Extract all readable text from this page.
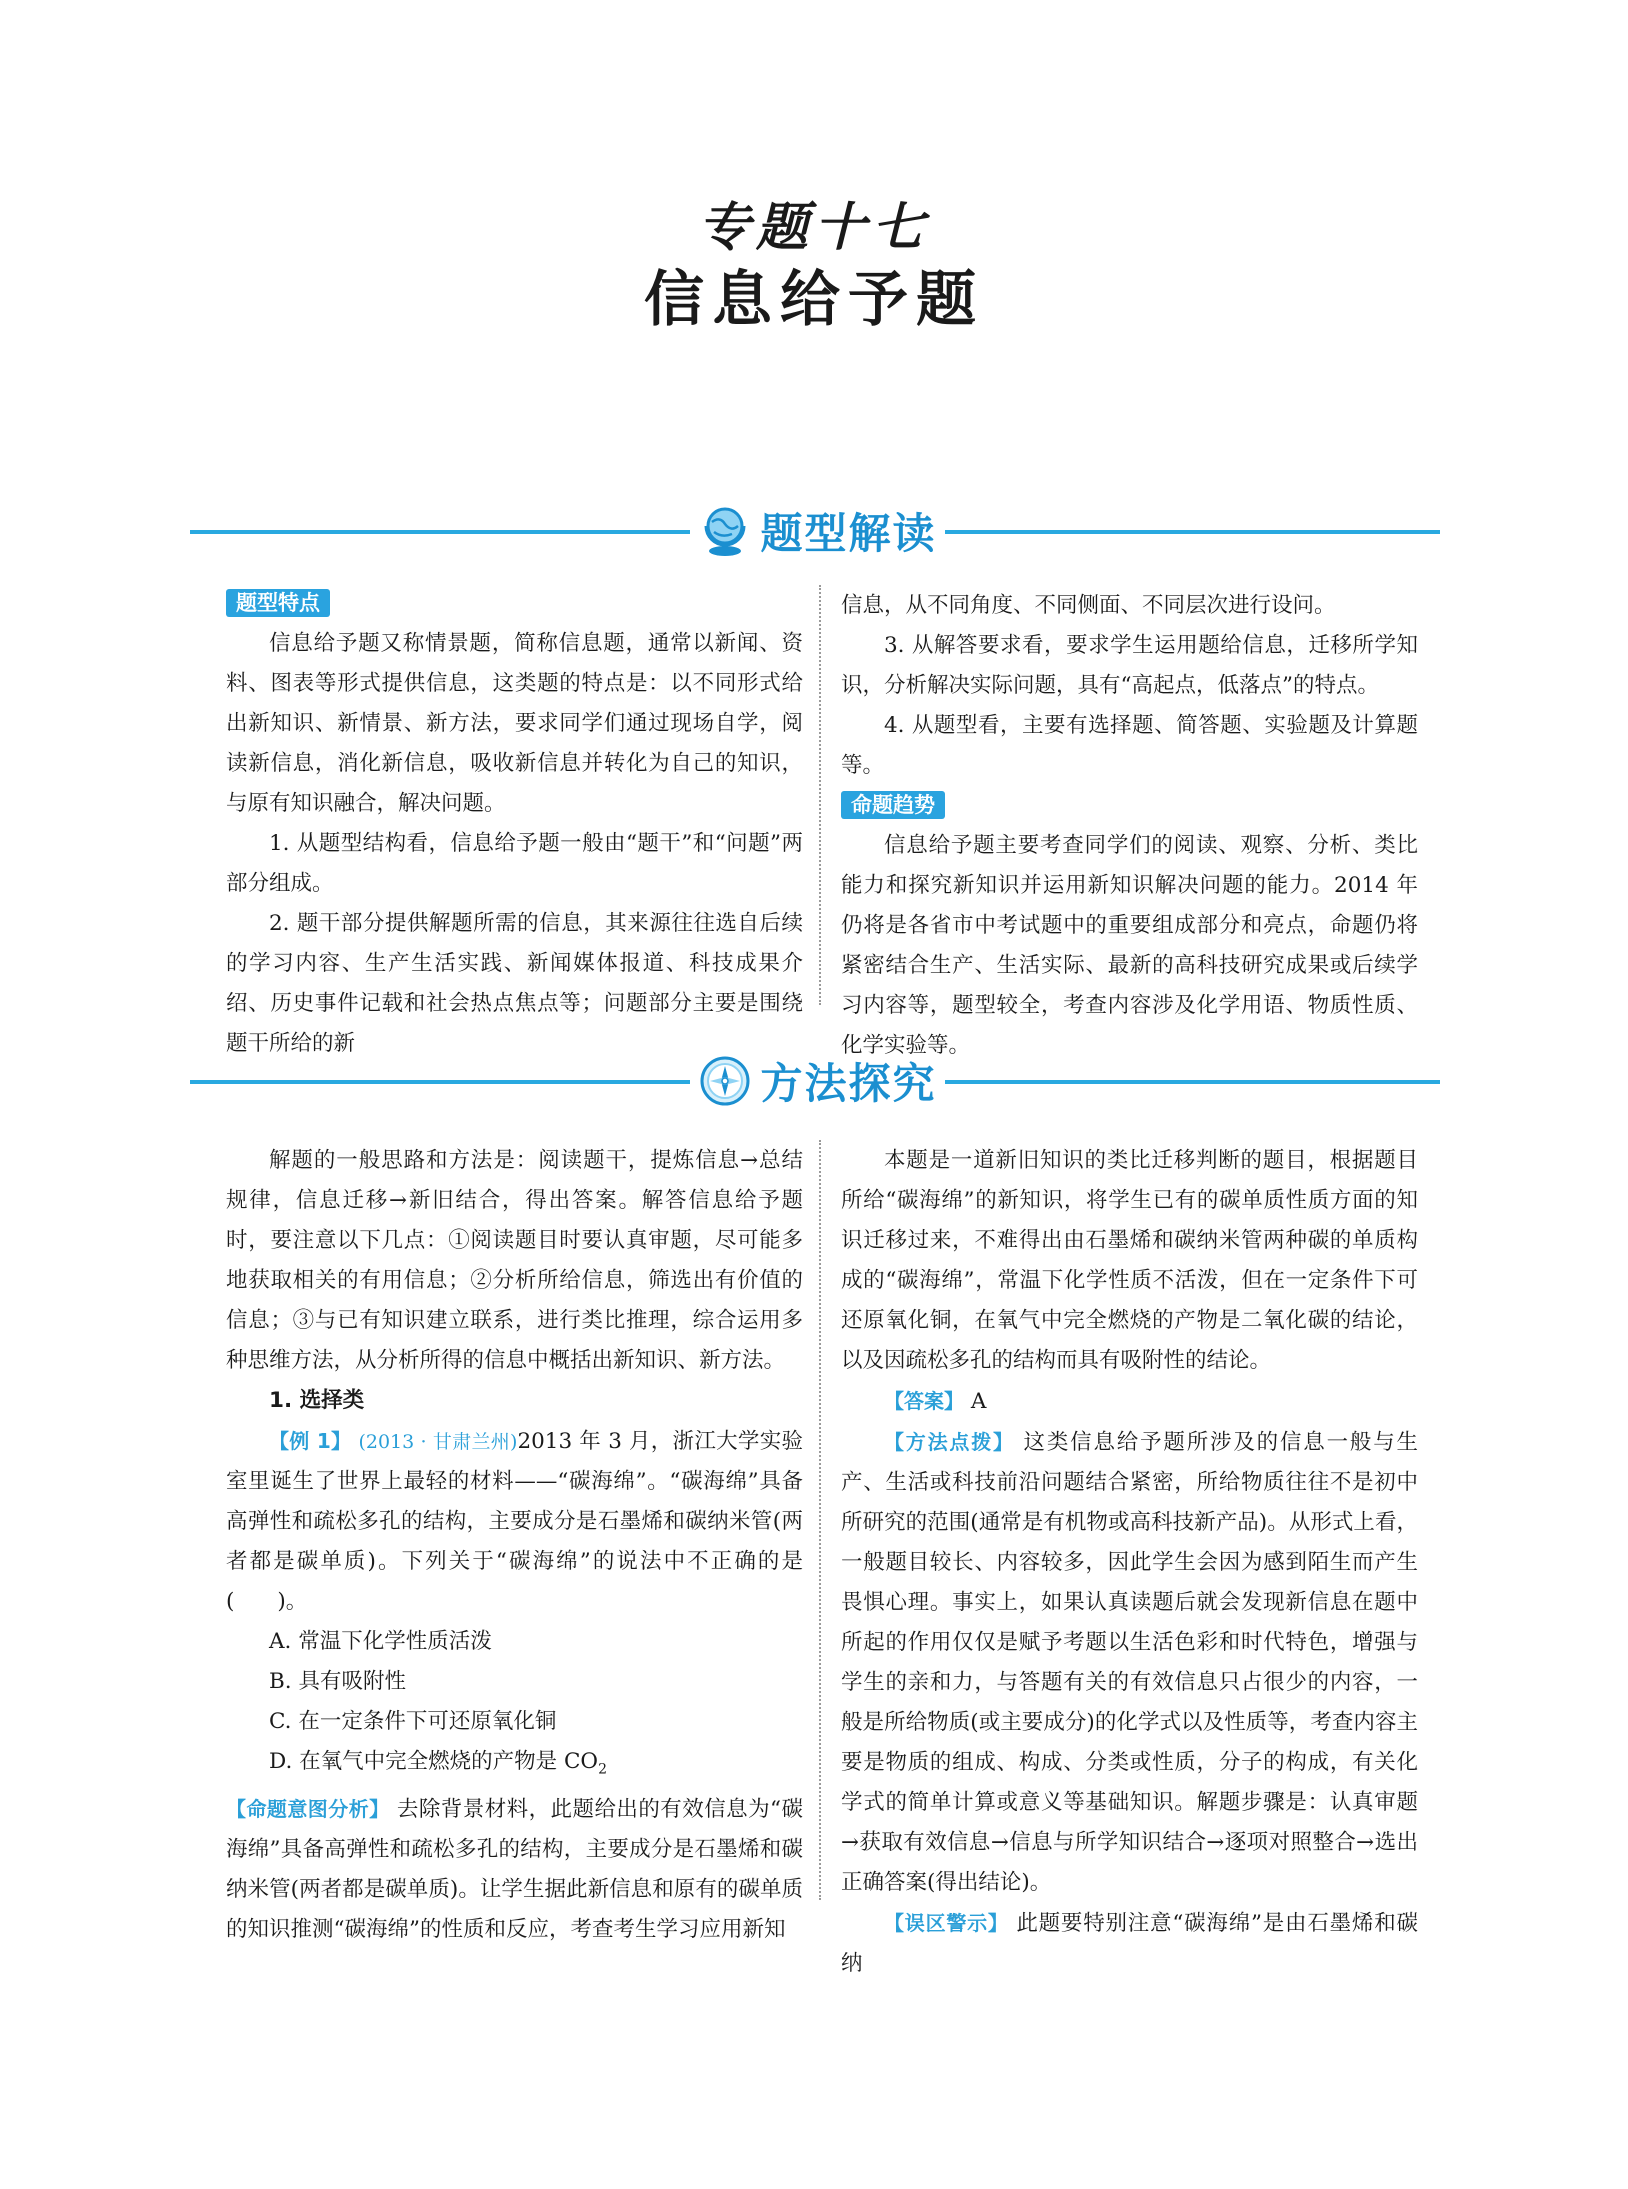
专题十七
信息给予题
题型解读
题型特点

信息给予题又称情景题，简称信息题，通常以新闻、资料、图表等形式提供信息，这类题的特点是：以不同形式给出新知识、新情景、新方法，要求同学们通过现场自学，阅读新信息，消化新信息，吸收新信息并转化为自己的知识，与原有知识融合，解决问题。

1. 从题型结构看，信息给予题一般由“题干”和“问题”两部分组成。

2. 题干部分提供解题所需的信息，其来源往往选自后续的学习内容、生产生活实践、新闻媒体报道、科技成果介绍、历史事件记载和社会热点焦点等；问题部分主要是围绕题干所给的新

信息，从不同角度、不同侧面、不同层次进行设问。

3. 从解答要求看，要求学生运用题给信息，迁移所学知识，分析解决实际问题，具有“高起点，低落点”的特点。

4. 从题型看，主要有选择题、简答题、实验题及计算题等。

命题趋势

信息给予题主要考查同学们的阅读、观察、分析、类比能力和探究新知识并运用新知识解决问题的能力。2014 年仍将是各省市中考试题中的重要组成部分和亮点，命题仍将紧密结合生产、生活实际、最新的高科技研究成果或后续学习内容等，题型较全，考查内容涉及化学用语、物质性质、化学实验等。

方法探究

解题的一般思路和方法是：阅读题干，提炼信息→总结规律，信息迁移→新旧结合，得出答案。解答信息给予题时，要注意以下几点：①阅读题目时要认真审题，尽可能多地获取相关的有用信息；②分析所给信息，筛选出有价值的信息；③与已有知识建立联系，进行类比推理，综合运用多种思维方法，从分析所得的信息中概括出新知识、新方法。

1. 选择类

【例 1】 (2013 · 甘肃兰州)2013 年 3 月，浙江大学实验室里诞生了世界上最轻的材料——“碳海绵”。“碳海绵”具备高弹性和疏松多孔的结构，主要成分是石墨烯和碳纳米管(两者都是碳单质)。下列关于“碳海绵”的说法中不正确的是(　　)。

A. 常温下化学性质活泼

B. 具有吸附性

C. 在一定条件下可还原氧化铜

D. 在氧气中完全燃烧的产物是 $CO_2$

【命题意图分析】 去除背景材料，此题给出的有效信息为“碳海绵”具备高弹性和疏松多孔的结构，主要成分是石墨烯和碳纳米管(两者都是碳单质)。让学生据此新信息和原有的碳单质的知识推测“碳海绵”的性质和反应，考查考生学习应用新知

本题是一道新旧知识的类比迁移判断的题目，根据题目所给“碳海绵”的新知识，将学生已有的碳单质性质方面的知识迁移过来，不难得出由石墨烯和碳纳米管两种碳的单质构成的“碳海绵”，常温下化学性质不活泼，但在一定条件下可还原氧化铜，在氧气中完全燃烧的产物是二氧化碳的结论，以及因疏松多孔的结构而具有吸附性的结论。

【答案】 A

【方法点拨】 这类信息给予题所涉及的信息一般与生产、生活或科技前沿问题结合紧密，所给物质往往不是初中所研究的范围(通常是有机物或高科技新产品)。从形式上看，一般题目较长、内容较多，因此学生会因为感到陌生而产生畏惧心理。事实上，如果认真读题后就会发现新信息在题中所起的作用仅仅是赋予考题以生活色彩和时代特色，增强与学生的亲和力，与答题有关的有效信息只占很少的内容，一般是所给物质(或主要成分)的化学式以及性质等，考查内容主要是物质的组成、构成、分类或性质，分子的构成，有关化学式的简单计算或意义等基础知识。解题步骤是：认真审题→获取有效信息→信息与所学知识结合→逐项对照整合→选出正确答案(得出结论)。

【误区警示】 此题要特别注意“碳海绵”是由石墨烯和碳纳
